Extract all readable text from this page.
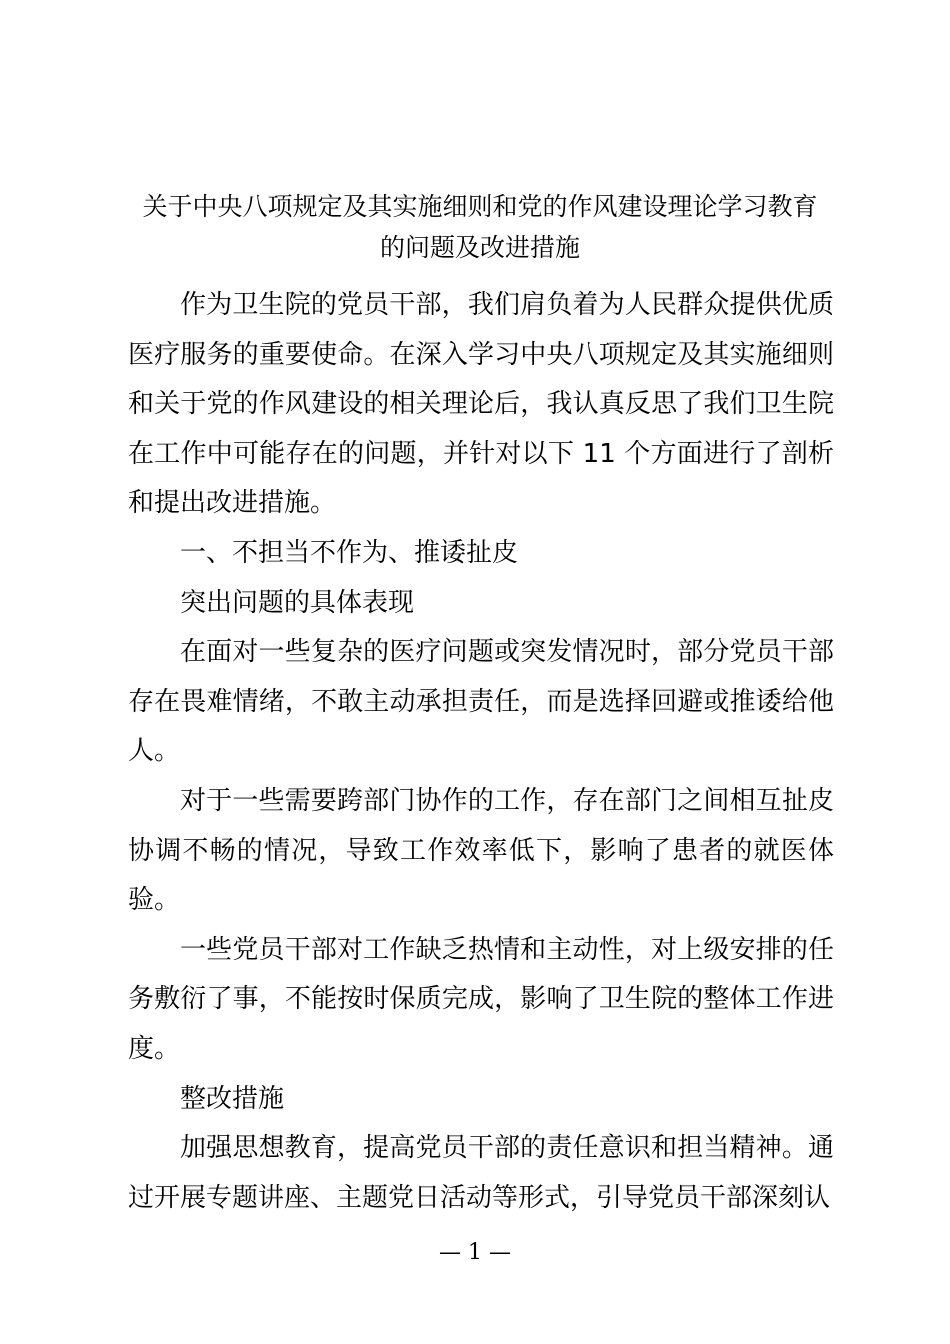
关于中央八项规定及其实施细则和党的作风建设理论学习教育
的问题及改进措施

作为卫生院的党员干部，我们肩负着为人民群众提供优质医疗服务的重要使命。在深入学习中央八项规定及其实施细则和关于党的作风建设的相关理论后，我认真反思了我们卫生院在工作中可能存在的问题，并针对以下 11 个方面进行了剖析和提出改进措施。

一、不担当不作为、推诿扯皮

突出问题的具体表现

在面对一些复杂的医疗问题或突发情况时，部分党员干部存在畏难情绪，不敢主动承担责任，而是选择回避或推诿给他人。

对于一些需要跨部门协作的工作，存在部门之间相互扯皮协调不畅的情况，导致工作效率低下，影响了患者的就医体验。

一些党员干部对工作缺乏热情和主动性，对上级安排的任务敷衍了事，不能按时保质完成，影响了卫生院的整体工作进度。

整改措施

加强思想教育，提高党员干部的责任意识和担当精神。通过开展专题讲座、主题党日活动等形式，引导党员干部深刻认

— 1 —
